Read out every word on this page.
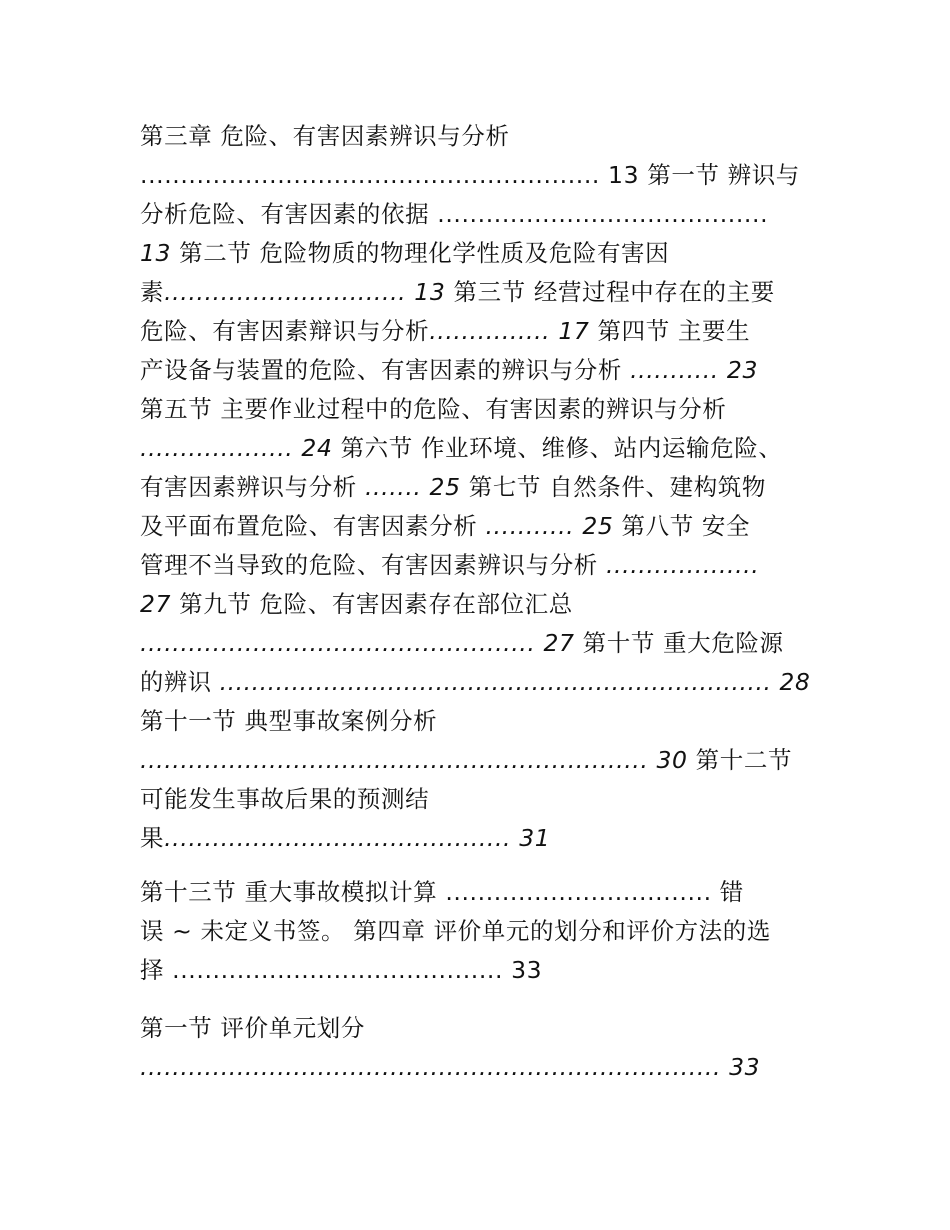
第三章 危险、有害因素辨识与分析
......................................................... 13 第一节 辨识与
分析危险、有害因素的依据 .........................................
13 第二节 危险物质的物理化学性质及危险有害因
素.............................. 13 第三节 经营过程中存在的主要
危险、有害因素辩识与分析............... 17 第四节 主要生
产设备与装置的危险、有害因素的辨识与分析 ........... 23
第五节 主要作业过程中的危险、有害因素的辨识与分析
................... 24 第六节 作业环境、维修、站内运输危险、
有害因素辨识与分析 ....... 25 第七节 自然条件、建构筑物
及平面布置危险、有害因素分析 ........... 25 第八节 安全
管理不当导致的危险、有害因素辨识与分析 ...................
27 第九节 危险、有害因素存在部位汇总
................................................. 27 第十节 重大危险源
的辨识 ..................................................................... 28
第十一节 典型事故案例分析
............................................................... 30 第十二节
可能发生事故后果的预测结
果........................................... 31
第十三节 重大事故模拟计算 ................................. 错
误 ~ 未定义书签。 第四章 评价单元的划分和评价方法的选
择 ......................................... 33
第一节 评价单元划分
........................................................................ 33
